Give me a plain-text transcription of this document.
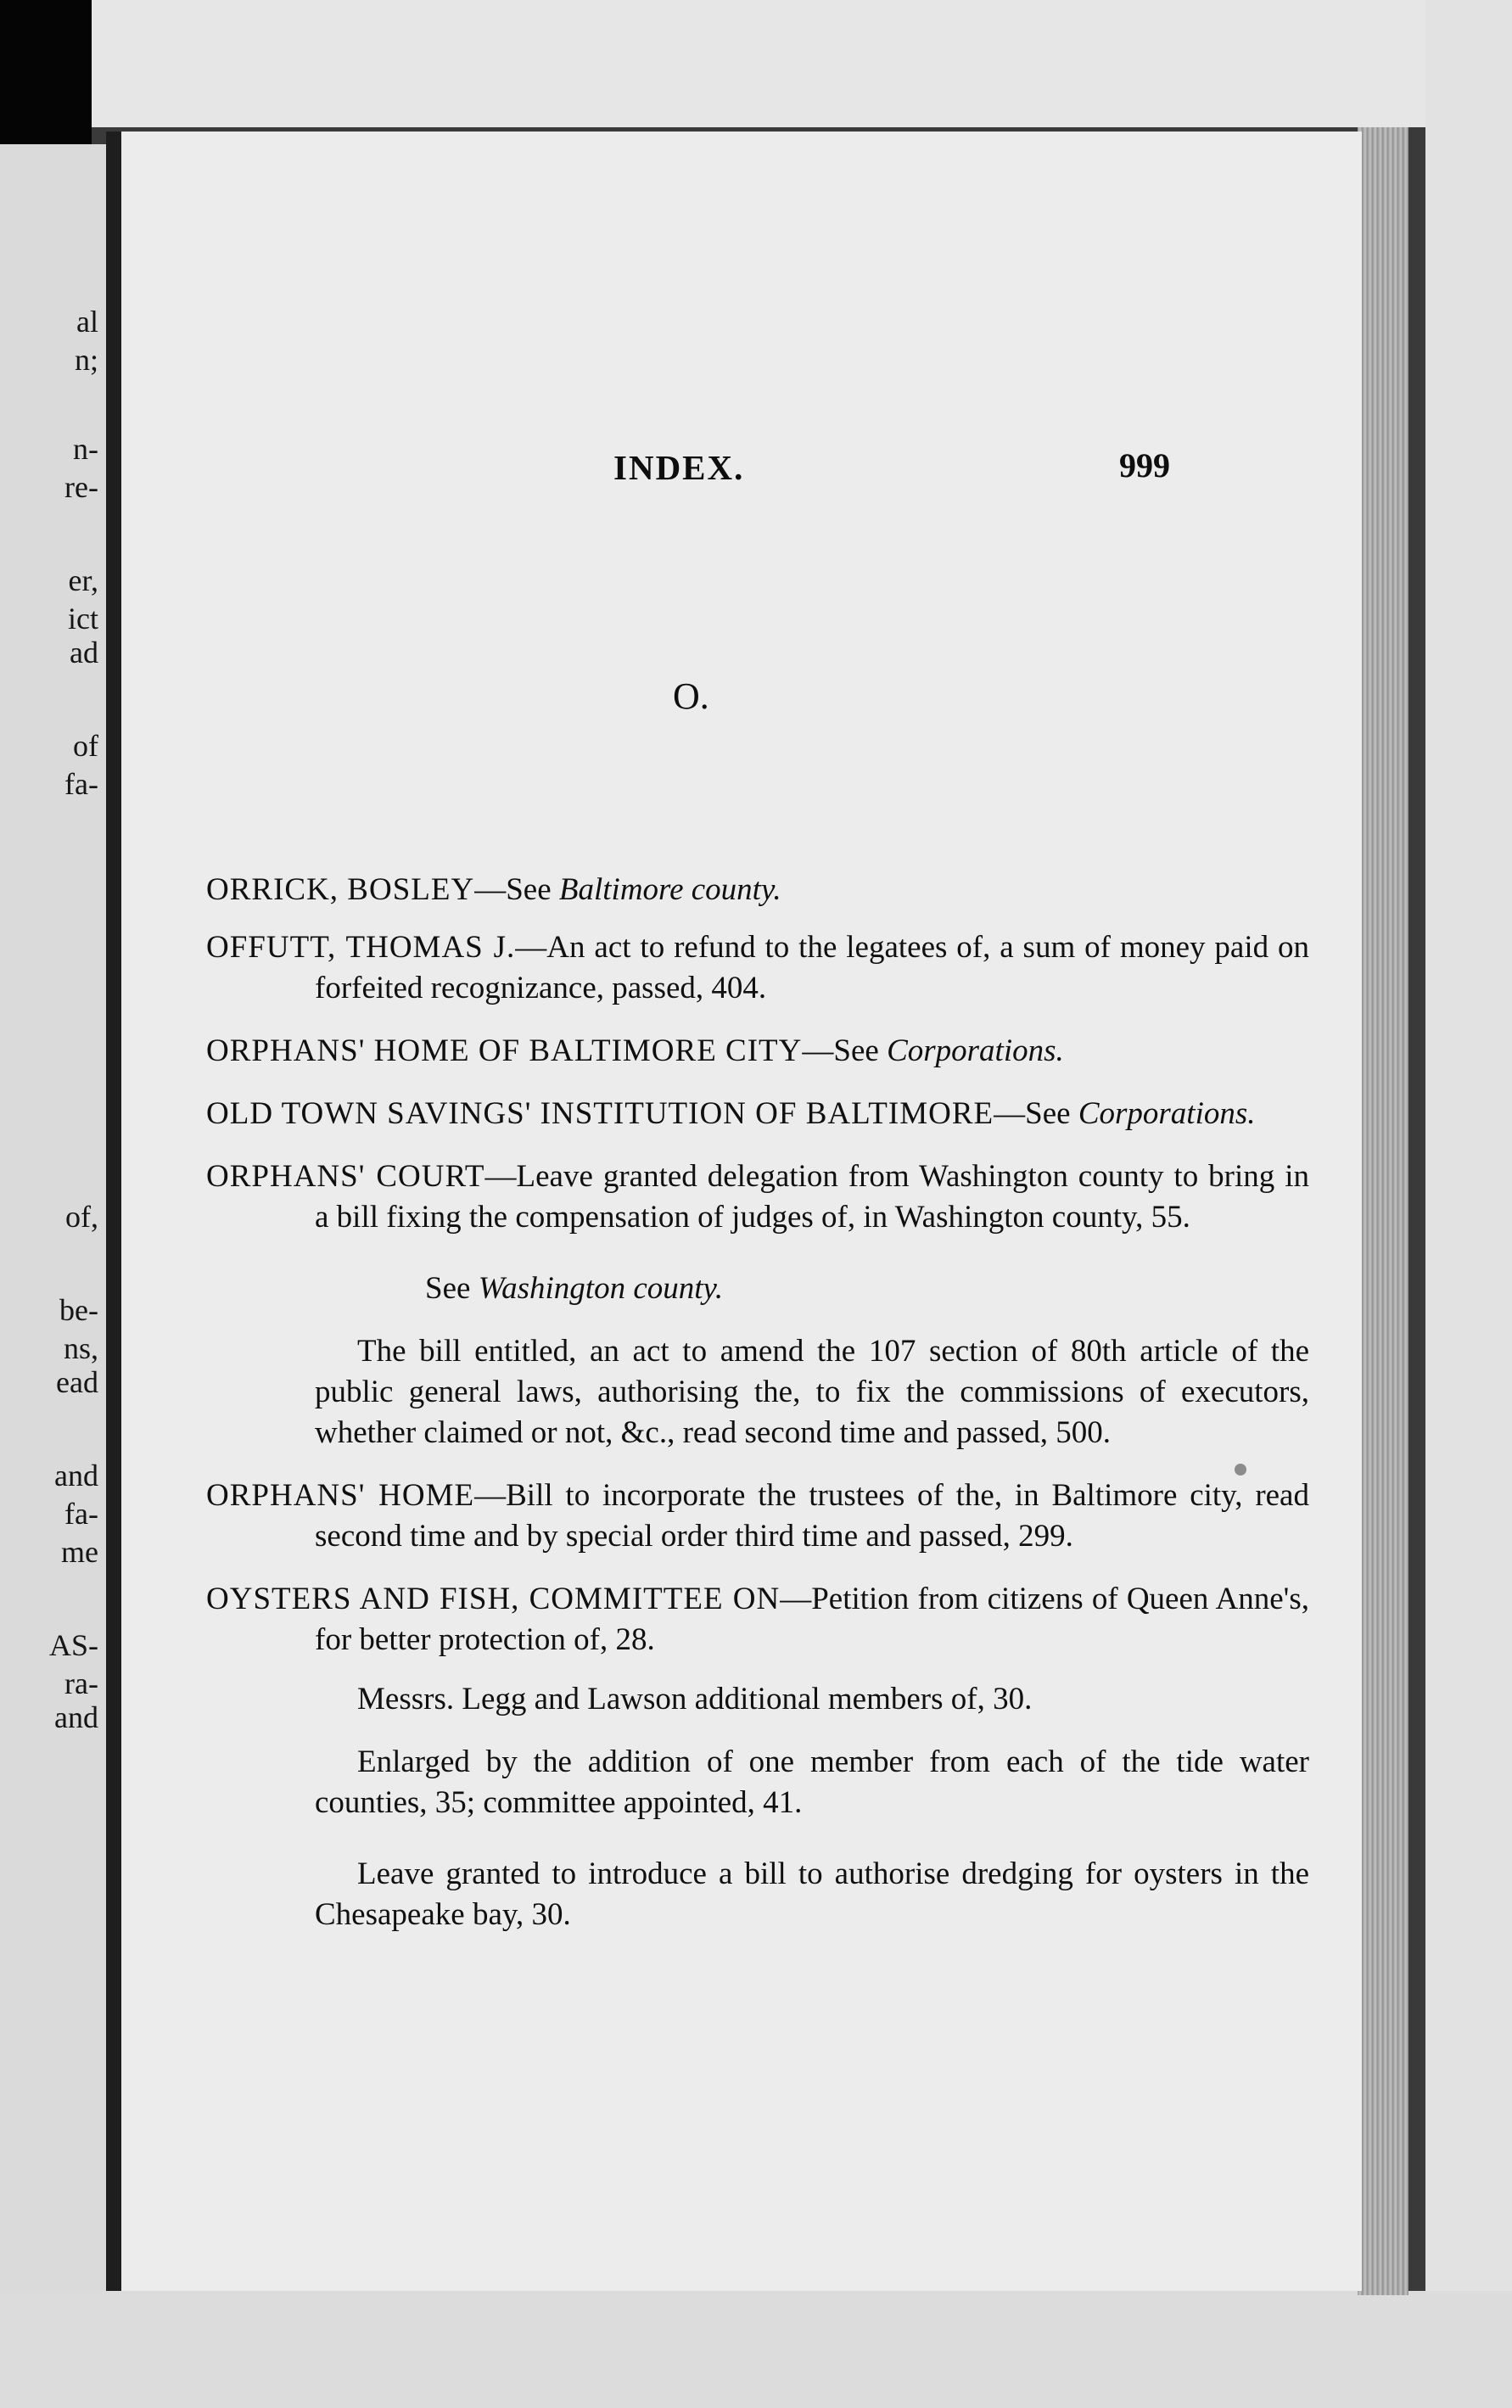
al
n;
n-
re-
er,
ict
ad
of
fa-
of,
be-
ns,
ead
and
fa-
me
AS-
ra-
and
INDEX.	999
O.
ORRICK, BOSLEY—See Baltimore county.
OFFUTT, THOMAS J.—An act to refund to the legatees of, a sum of money paid on forfeited recognizance, passed, 404.
ORPHANS' HOME OF BALTIMORE CITY—See Corporations.
OLD TOWN SAVINGS' INSTITUTION OF BALTIMORE—See Corporations.
ORPHANS' COURT—Leave granted delegation from Washington county to bring in a bill fixing the compensation of judges of, in Washington county, 55.
See Washington county.
The bill entitled, an act to amend the 107 section of 80th article of the public general laws, authorising the, to fix the commissions of executors, whether claimed or not, &c., read second time and passed, 500.
ORPHANS' HOME—Bill to incorporate the trustees of the, in Baltimore city, read second time and by special order third time and passed, 299.
OYSTERS AND FISH, COMMITTEE ON—Petition from citizens of Queen Anne's, for better protection of, 28.
Messrs. Legg and Lawson additional members of, 30.
Enlarged by the addition of one member from each of the tide water counties, 35; committee appointed, 41.
Leave granted to introduce a bill to authorise dredging for oysters in the Chesapeake bay, 30.
